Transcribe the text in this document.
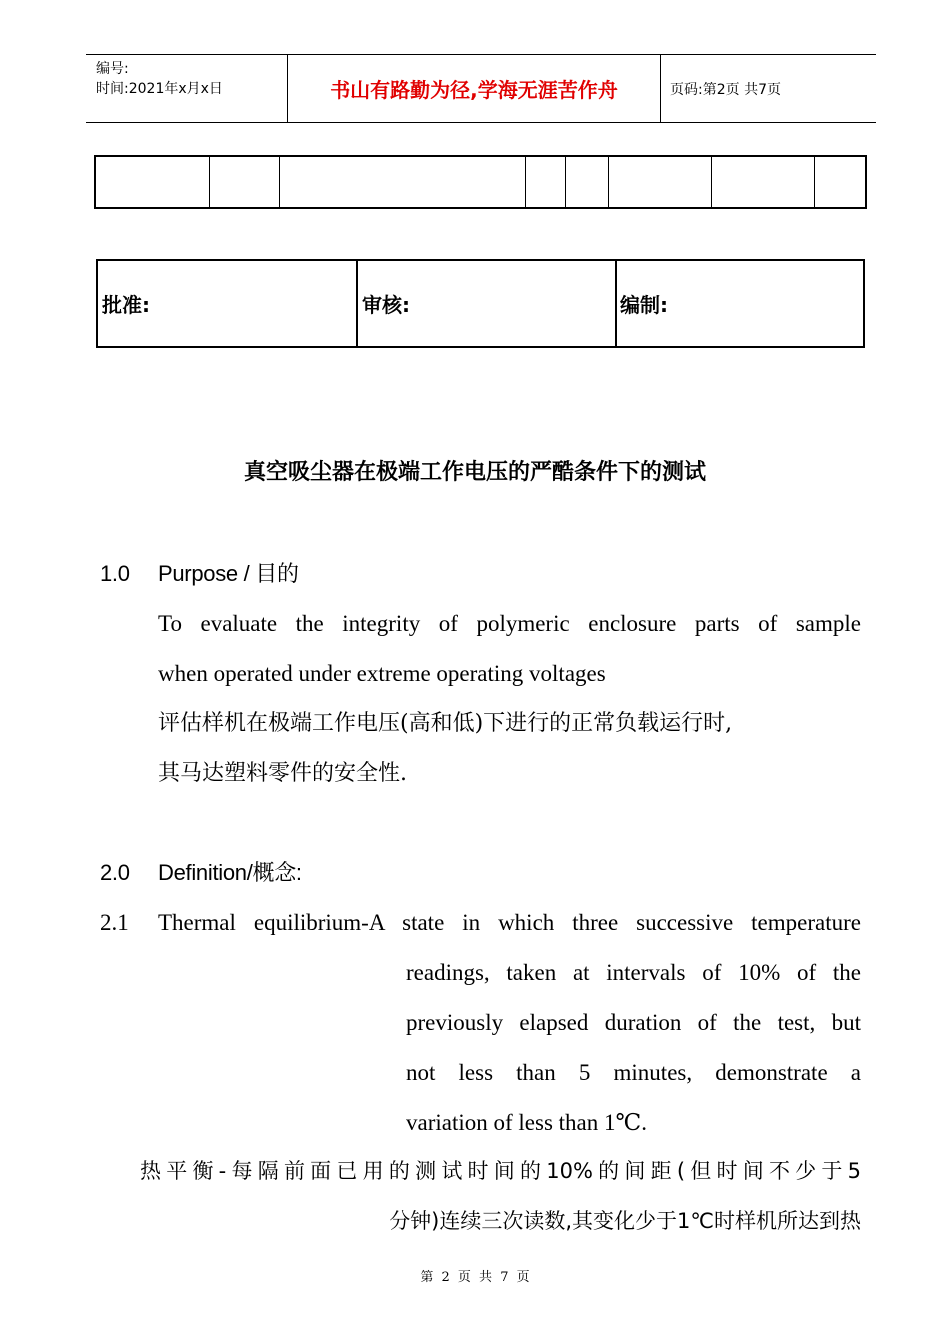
编号:
时间:2021年x月x日	书山有路勤为径,学海无涯苦作舟	页码:第2页 共7页
批准:	审核:	编制:
真空吸尘器在极端工作电压的严酷条件下的测试
1.0 Purpose / 目的
To evaluate the integrity of polymeric enclosure parts of sample
when operated under extreme operating voltages
评估样机在极端工作电压(高和低)下进行的正常负载运行时,
其马达塑料零件的安全性.
2.0 Definition/概念:
2.1 Thermal equilibrium-A state in which three successive temperature
readings, taken at intervals of 10% of the
previously elapsed duration of the test, but
not less than 5 minutes, demonstrate a
variation of less than 1℃.
热平衡-每隔前面已用的测试时间的10%的间距(但时间不少于5
分钟)连续三次读数,其变化少于1℃时样机所达到热
第 2 页 共 7 页
